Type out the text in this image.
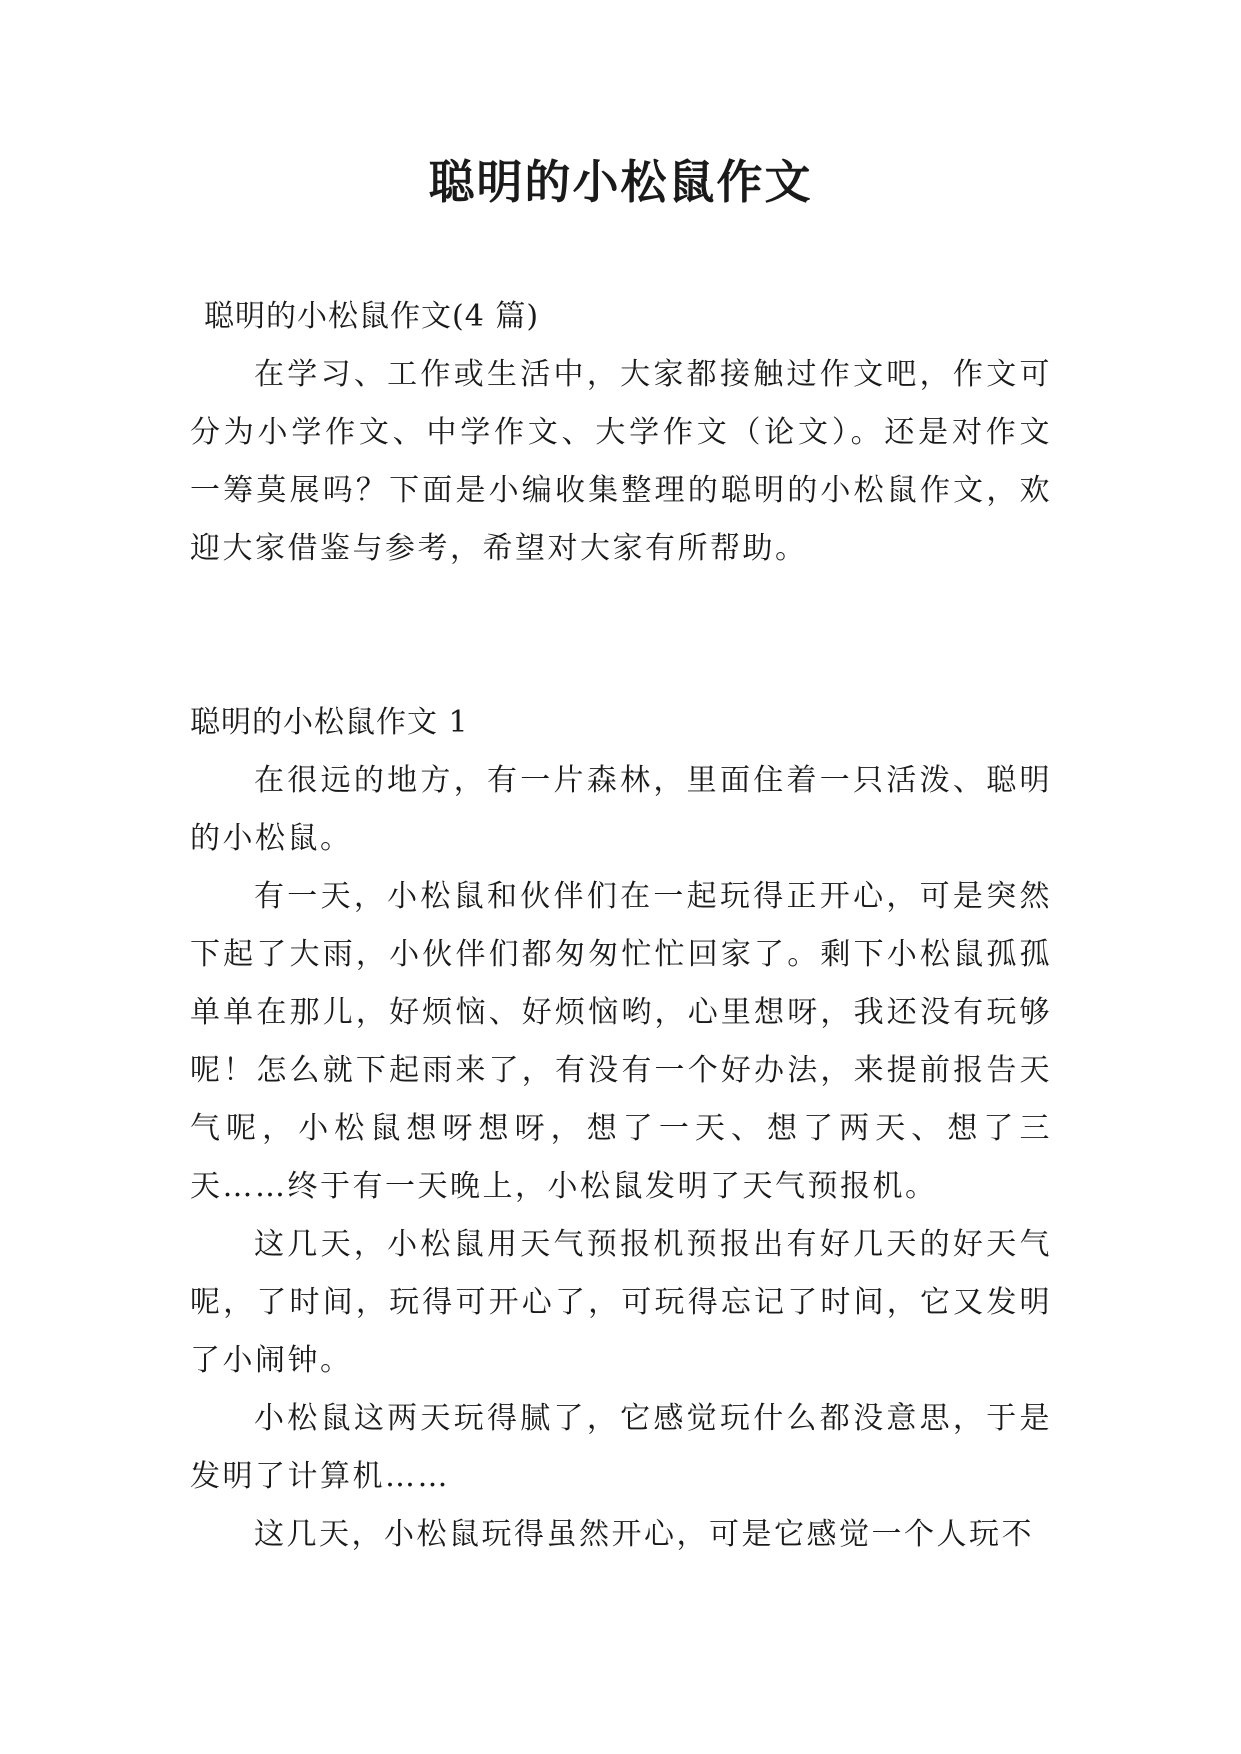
聪明的小松鼠作文

聪明的小松鼠作文(4 篇)

在学习、工作或生活中，大家都接触过作文吧，作文可分为小学作文、中学作文、大学作文（论文）。还是对作文一筹莫展吗？下面是小编收集整理的聪明的小松鼠作文，欢迎大家借鉴与参考，希望对大家有所帮助。

聪明的小松鼠作文 1

在很远的地方，有一片森林，里面住着一只活泼、聪明的小松鼠。

有一天，小松鼠和伙伴们在一起玩得正开心，可是突然下起了大雨，小伙伴们都匆匆忙忙回家了。剩下小松鼠孤孤单单在那儿，好烦恼、好烦恼哟，心里想呀，我还没有玩够呢！怎么就下起雨来了，有没有一个好办法，来提前报告天气呢，小松鼠想呀想呀，想了一天、想了两天、想了三天……终于有一天晚上，小松鼠发明了天气预报机。

这几天，小松鼠用天气预报机预报出有好几天的好天气呢，了时间，玩得可开心了，可玩得忘记了时间，它又发明了小闹钟。

小松鼠这两天玩得腻了，它感觉玩什么都没意思，于是发明了计算机……

这几天，小松鼠玩得虽然开心，可是它感觉一个人玩不
